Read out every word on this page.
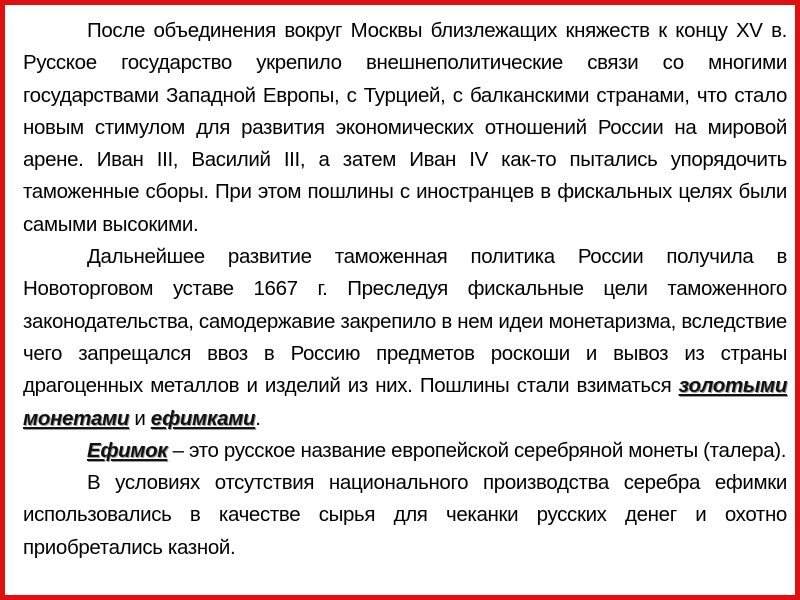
После объединения вокруг Москвы близлежащих княжеств к концу XV в. Русское государство укрепило внешнеполитические связи со многими государствами Западной Европы, с Турцией, с балканскими странами, что стало новым стимулом для развития экономических отношений России на мировой арене. Иван III, Василий III, а затем Иван IV как-то пытались упорядочить таможенные сборы. При этом пошлины с иностранцев в фискальных целях были самыми высокими.

Дальнейшее развитие таможенная политика России получила в Новоторговом уставе 1667 г. Преследуя фискальные цели таможенного законодательства, самодержавие закрепило в нем идеи монетаризма, вследствие чего запрещался ввоз в Россию предметов роскоши и вывоз из страны драгоценных металлов и изделий из них. Пошлины стали взиматься золотыми монетами и ефимками.

Ефимок – это русское название европейской серебряной монеты (талера).

В условиях отсутствия национального производства серебра ефимки использовались в качестве сырья для чеканки русских денег и охотно приобретались казной.
